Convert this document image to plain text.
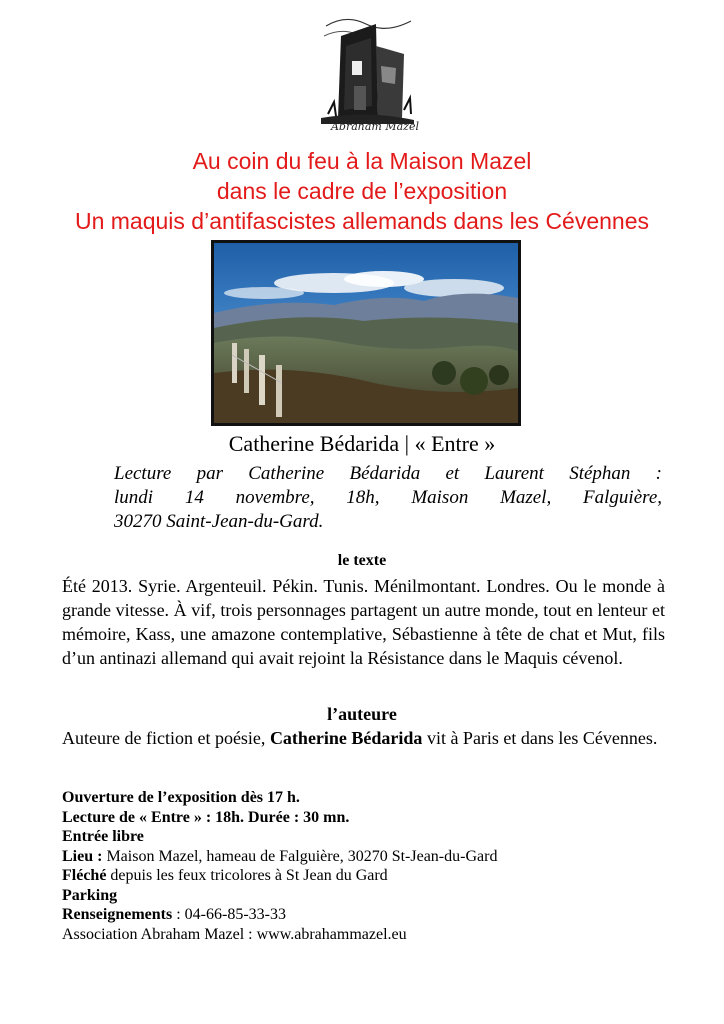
Abraham Mazel
Au coin du feu à la Maison Mazel
dans le cadre de l’exposition
Un maquis d’antifascistes allemands dans les Cévennes
Catherine Bédarida | « Entre »
Lecture par Catherine Bédarida et Laurent Stéphan :
lundi 14 novembre, 18h, Maison Mazel, Falguière,
30270 Saint-Jean-du-Gard.
le texte
Été 2013. Syrie. Argenteuil. Pékin. Tunis. Ménilmontant. Londres. Ou le monde à grande vitesse. À vif, trois personnages partagent un autre monde, tout en lenteur et mémoire, Kass, une amazone contemplative, Sébastienne à tête de chat et Mut, fils d’un antinazi allemand qui avait rejoint la Résistance dans le Maquis cévenol.
l’auteure
Auteure de fiction et poésie, Catherine Bédarida vit à Paris et dans les Cévennes.
Ouverture de l’exposition dès 17 h.
Lecture de « Entre » : 18h. Durée : 30 mn.
Entrée libre
Lieu : Maison Mazel, hameau de Falguière, 30270 St-Jean-du-Gard
Fléché depuis les feux tricolores à St Jean du Gard
Parking
Renseignements : 04-66-85-33-33
Association Abraham Mazel : www.abrahammazel.eu
